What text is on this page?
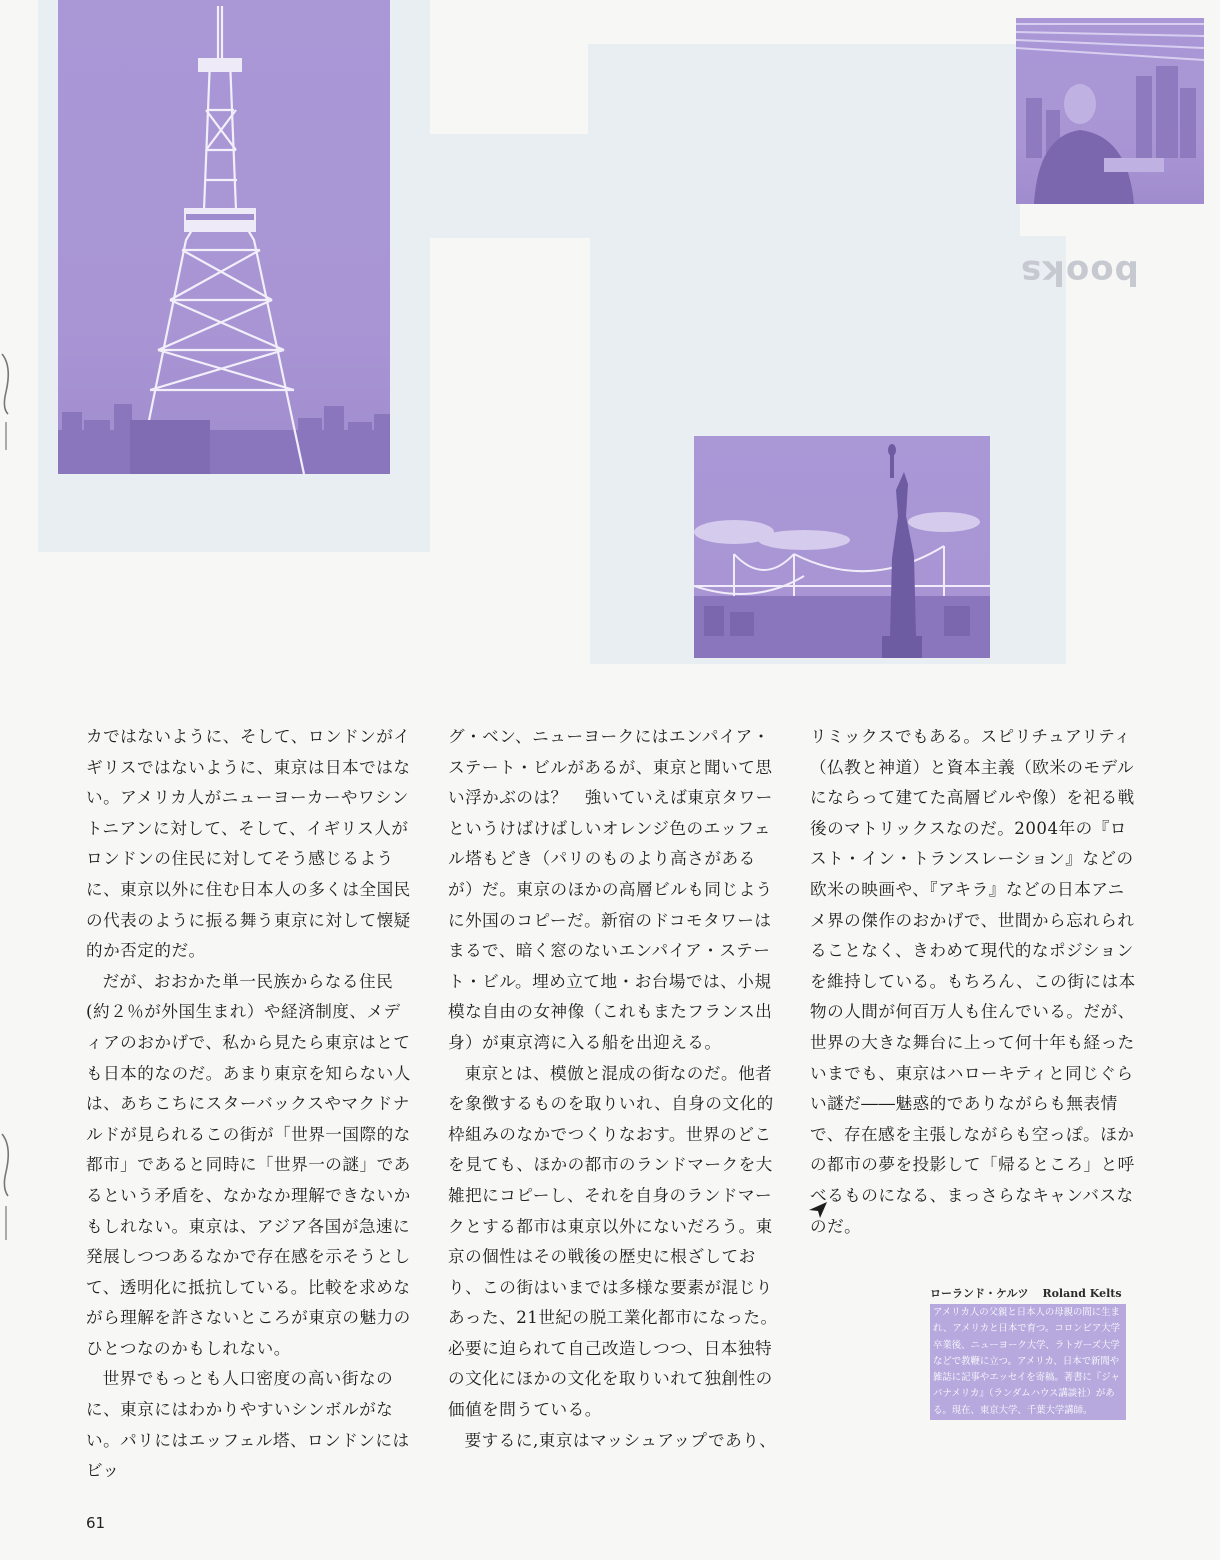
books

カではないように、そして、ロンドンがイギリスではないように、東京は日本ではない。アメリカ人がニューヨーカーやワシントニアンに対して、そして、イギリス人がロンドンの住民に対してそう感じるように、東京以外に住む日本人の多くは全国民の代表のように振る舞う東京に対して懐疑的か否定的だ。

だが、おおかた単一民族からなる住民(約２％が外国生まれ）や経済制度、メディアのおかげで、私から見たら東京はとても日本的なのだ。あまり東京を知らない人は、あちこちにスターバックスやマクドナルドが見られるこの街が「世界一国際的な都市」であると同時に「世界一の謎」であるという矛盾を、なかなか理解できないかもしれない。東京は、アジア各国が急速に発展しつつあるなかで存在感を示そうとして、透明化に抵抗している。比較を求めながら理解を許さないところが東京の魅力のひとつなのかもしれない。

世界でもっとも人口密度の高い街なのに、東京にはわかりやすいシンボルがない。パリにはエッフェル塔、ロンドンにはビッ

グ・ベン、ニューヨークにはエンパイア・ステート・ビルがあるが、東京と聞いて思い浮かぶのは？　強いていえば東京タワーというけばけばしいオレンジ色のエッフェル塔もどき（パリのものより高さがあるが）だ。東京のほかの高層ビルも同じように外国のコピーだ。新宿のドコモタワーはまるで、暗く窓のないエンパイア・ステート・ビル。埋め立て地・お台場では、小規模な自由の女神像（これもまたフランス出身）が東京湾に入る船を出迎える。

東京とは、模倣と混成の街なのだ。他者を象徴するものを取りいれ、自身の文化的枠組みのなかでつくりなおす。世界のどこを見ても、ほかの都市のランドマークを大雑把にコピーし、それを自身のランドマークとする都市は東京以外にないだろう。東京の個性はその戦後の歴史に根ざしており、この街はいまでは多様な要素が混じりあった、21世紀の脱工業化都市になった。必要に迫られて自己改造しつつ、日本独特の文化にほかの文化を取りいれて独創性の価値を問うている。

要するに,東京はマッシュアップであり、

リミックスでもある。スピリチュアリティ（仏教と神道）と資本主義（欧米のモデルにならって建てた高層ビルや像）を祀る戦後のマトリックスなのだ。2004年の『ロスト・イン・トランスレーション』などの欧米の映画や、『アキラ』などの日本アニメ界の傑作のおかげで、世間から忘れられることなく、きわめて現代的なポジションを維持している。もちろん、この街には本物の人間が何百万人も住んでいる。だが、世界の大きな舞台に上って何十年も経ったいまでも、東京はハローキティと同じぐらい謎だ――魅惑的でありながらも無表情で、存在感を主張しながらも空っぽ。ほかの都市の夢を投影して「帰るところ」と呼べるものになる、まっさらなキャンバスなのだ。

ローランド・ケルツ Roland Kelts
アメリカ人の父親と日本人の母親の間に生まれ、アメリカと日本で育つ。コロンビア大学卒業後、ニューヨーク大学、ラトガーズ大学などで教鞭に立つ。アメリカ、日本で新聞や雑誌に記事やエッセイを寄稿。著書に『ジャパナメリカ』（ランダムハウス講談社）がある。現在、東京大学、千葉大学講師。
61
